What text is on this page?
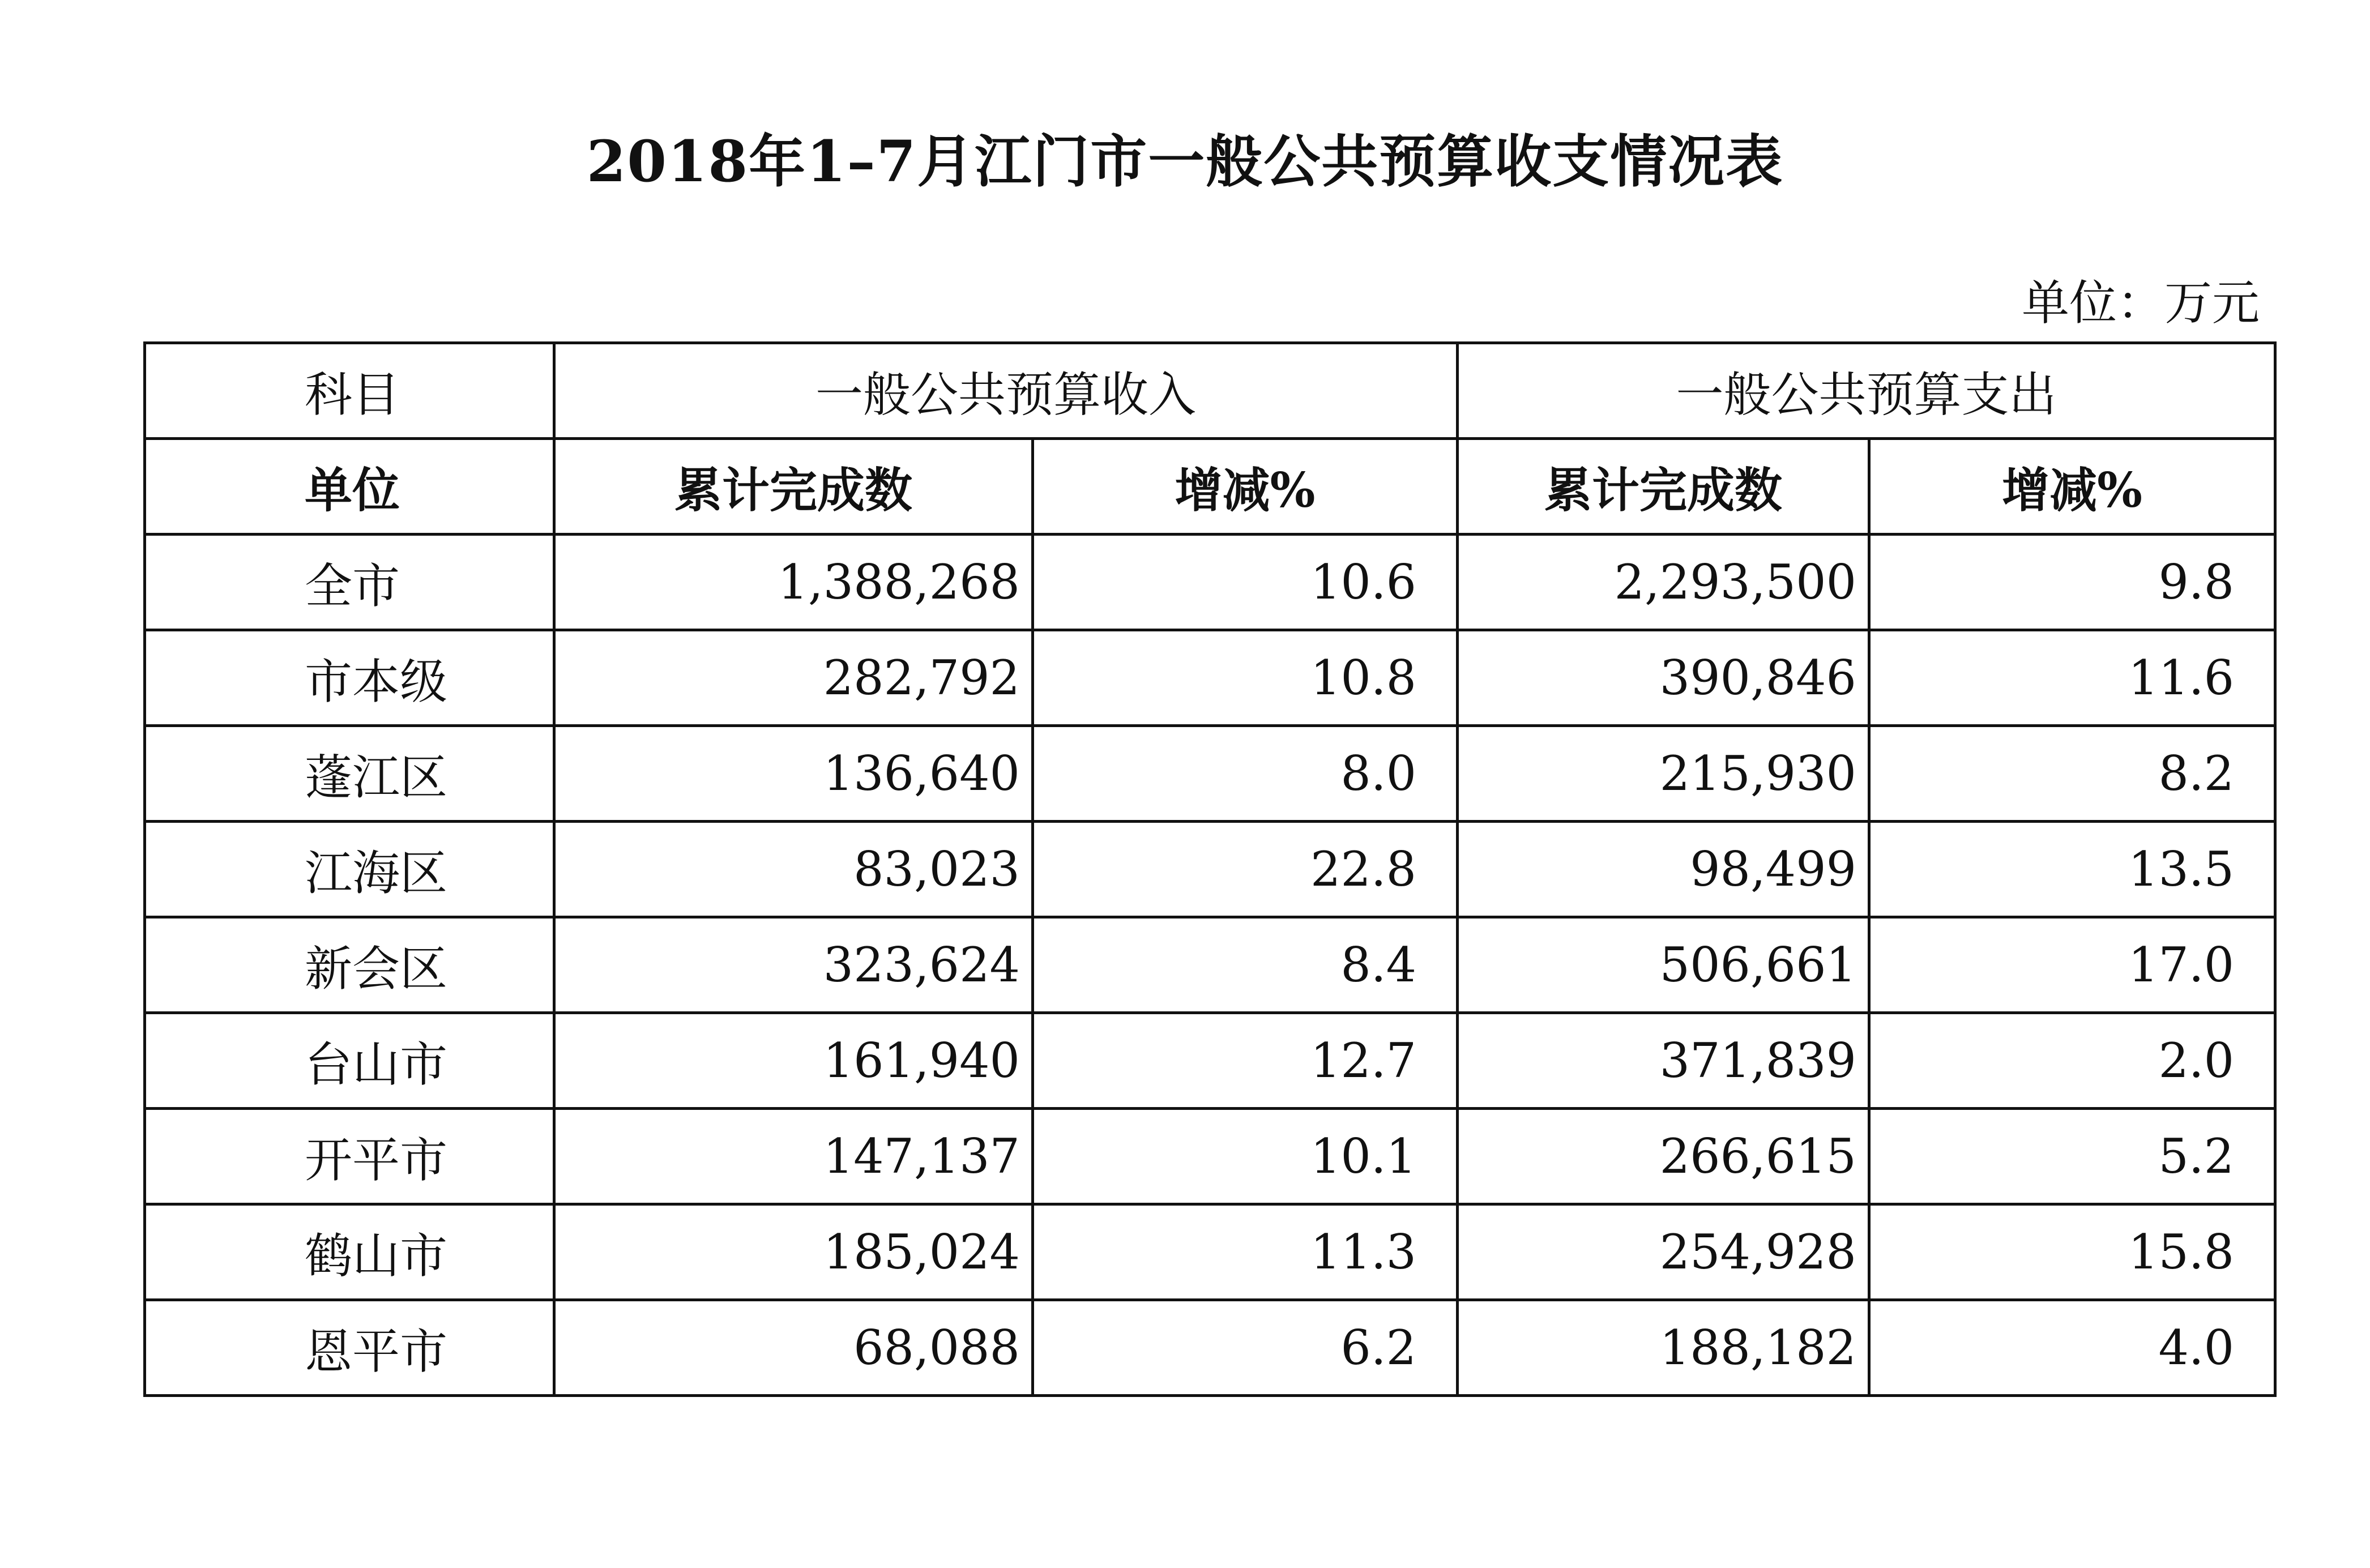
2018年1–7月江门市一般公共预算收支情况表
单位：万元
科目	一般公共预算收入		一般公共预算支出	
单位	累计完成数	增减%	累计完成数	增减%
全市	1,388,268	10.6	2,293,500	9.8
市本级	282,792	10.8	390,846	11.6
蓬江区	136,640	8.0	215,930	8.2
江海区	83,023	22.8	98,499	13.5
新会区	323,624	8.4	506,661	17.0
台山市	161,940	12.7	371,839	2.0
开平市	147,137	10.1	266,615	5.2
鹤山市	185,024	11.3	254,928	15.8
恩平市	68,088	6.2	188,182	4.0
